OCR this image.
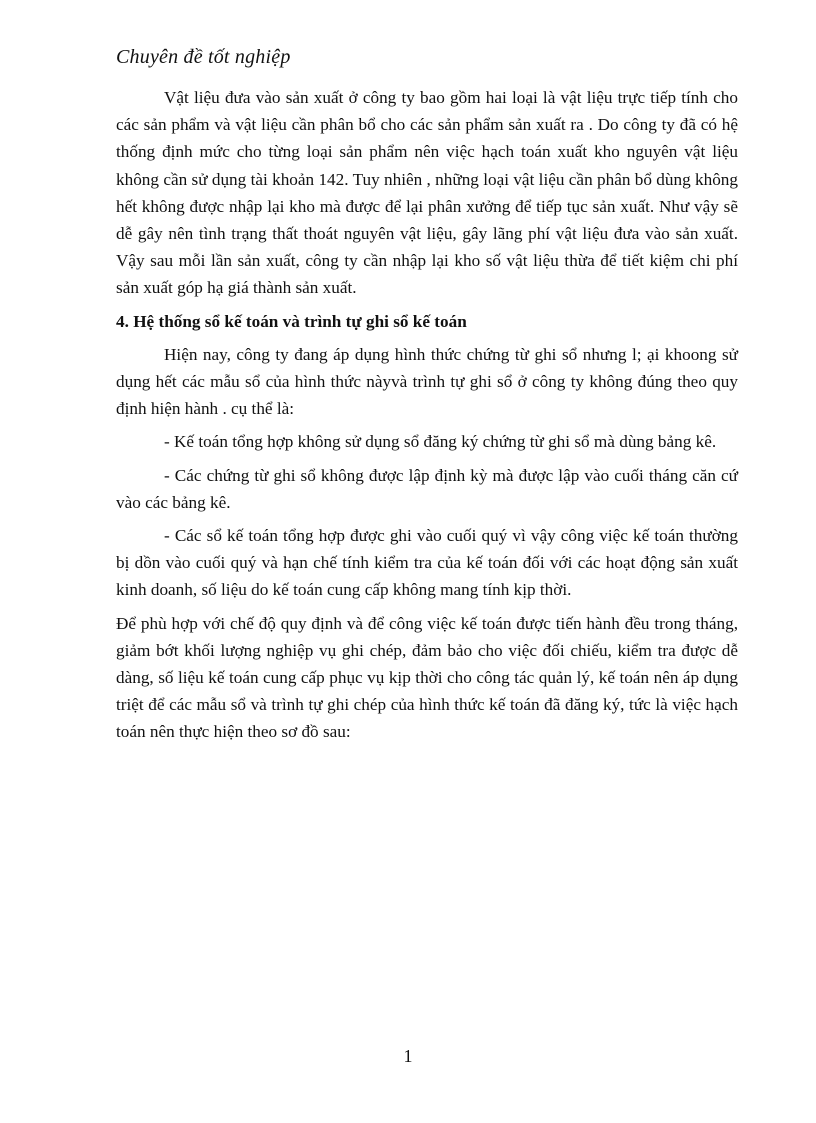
Chuyên đề tốt nghiệp

Vật liệu đưa vào sản xuất ở công ty bao gồm hai loại là vật liệu trực tiếp tính cho các sản phẩm và vật liệu cần phân bổ cho các sản phẩm sản xuất ra . Do công ty đã có hệ thống định mức cho từng loại sản phẩm nên việc hạch toán xuất kho nguyên vật liệu không cần sử dụng tài khoản 142. Tuy nhiên , những loại vật liệu cần phân bổ dùng không hết không được nhập lại kho mà được để lại phân xưởng để tiếp tục sản xuất. Như vậy sẽ dễ gây nên tình trạng thất thoát nguyên vật liệu, gây lãng phí vật liệu đưa vào sản xuất. Vậy sau mỗi lần sản xuất, công ty cần nhập lại kho số vật liệu thừa để tiết kiệm chi phí sản xuất góp hạ giá thành sản xuất.

4. Hệ thống sổ kế toán và trình tự ghi sổ kế toán

Hiện nay, công ty đang áp dụng hình thức chứng từ ghi sổ nhưng l; ại khoong sử dụng hết các mẫu sổ của hình thức nàyvà trình tự ghi sổ ở công ty không đúng theo quy định hiện hành . cụ thể là:

- Kế toán tổng hợp không sử dụng sổ đăng ký chứng từ ghi sổ mà dùng bảng kê.

- Các chứng từ ghi sổ không được lập định kỳ mà được lập vào cuối tháng căn cứ vào các bảng kê.

- Các sổ kế toán tổng hợp được ghi vào cuối quý vì vậy công việc kế toán thường bị dồn vào cuối quý và hạn chế tính kiểm tra của kế toán đối với các hoạt động sản xuất kinh doanh, số liệu do kế toán cung cấp không mang tính kịp thời.

Để phù hợp với chế độ quy định và để công việc kế toán được tiến hành đều trong tháng, giảm bớt khối lượng nghiệp vụ ghi chép, đảm bảo cho việc đối chiếu, kiểm tra được dễ dàng, số liệu kế toán cung cấp phục vụ kịp thời cho công tác quản lý, kế toán nên áp dụng triệt để các mẫu sổ và trình tự ghi chép của hình thức kế toán đã đăng ký, tức là việc hạch toán nên thực hiện theo sơ đồ sau:

1
